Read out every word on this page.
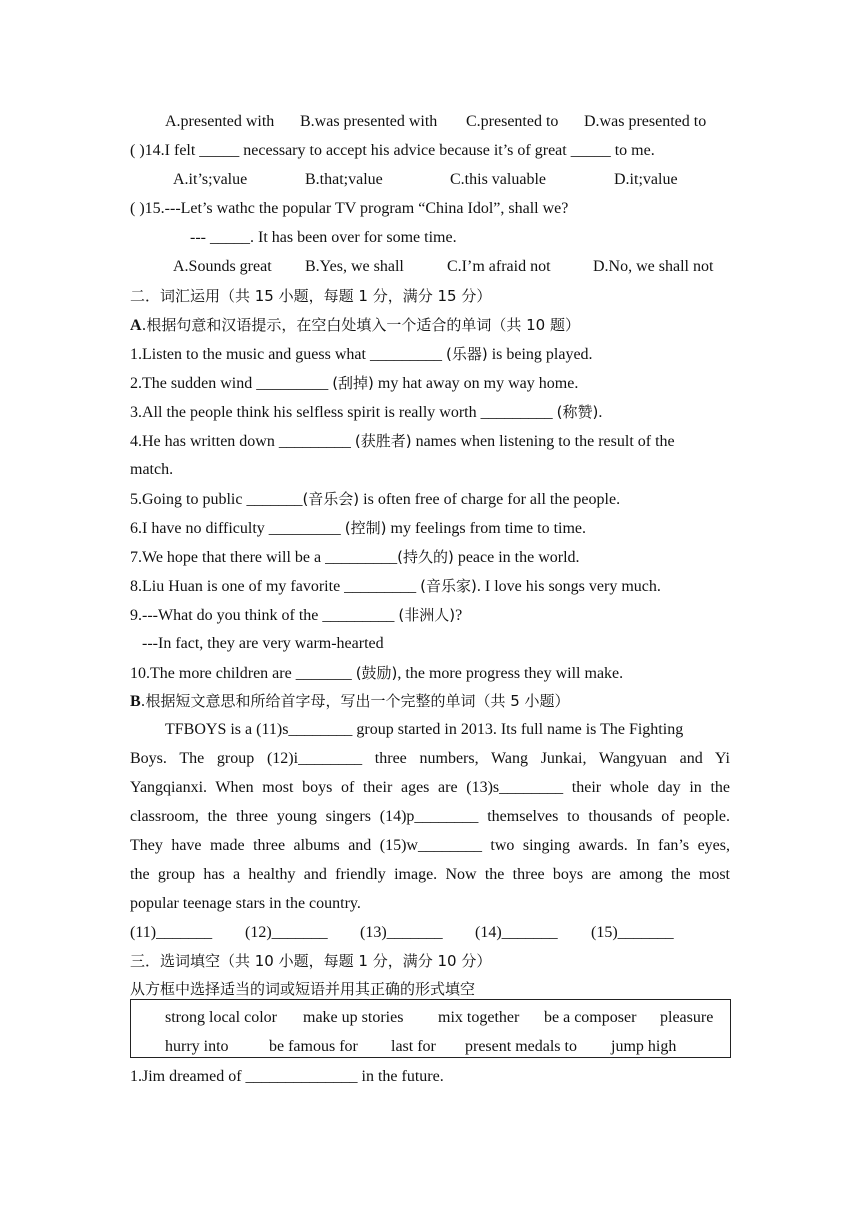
A.presented with B.was presented with C.presented to D.was presented to
( )14.I felt _____ necessary to accept his advice because it’s of great _____ to me.
A.it’s;value	B.that;value	C.this valuable	D.it;value
( )15.---Let’s wathc the popular TV program “China Idol”, shall we?
--- _____. It has been over for some time.
A.Sounds great B.Yes, we shall	C.I’m afraid not	D.No, we shall not
二．词汇运用（共 15 小题，每题 1 分，满分 15 分）
A.根据句意和汉语提示，在空白处填入一个适合的单词（共 10 题）
1.Listen to the music and guess what _________ (乐器) is being played.
2.The sudden wind _________ (刮掉) my hat away on my way home.
3.All the people think his selfless spirit is really worth _________ (称赞).
4.He has written down _________ (获胜者) names when listening to the result of the
match.
5.Going to public _______(音乐会) is often free of charge for all the people.
6.I have no difficulty _________ (控制) my feelings from time to time.
7.We hope that there will be a _________(持久的) peace in the world.
8.Liu Huan is one of my favorite _________ (音乐家). I love his songs very much.
9.---What do you think of the _________ (非洲人)?
---In fact, they are very warm-hearted
10.The more children are _______ (鼓励), the more progress they will make.
B.根据短文意思和所给首字母，写出一个完整的单词（共 5 小题）
TFBOYS is a (11)s________ group started in 2013. Its full name is The Fighting
Boys. The group (12)i________ three numbers, Wang Junkai, Wangyuan and Yi
Yangqianxi. When most boys of their ages are (13)s________ their whole day in the
classroom, the three young singers (14)p________ themselves to thousands of people.
They have made three albums and (15)w________ two singing awards. In fan’s eyes,
the group has a healthy and friendly image. Now the three boys are among the most
popular teenage stars in the country.
(11)_______ (12)_______ (13)_______ (14)_______ (15)_______
三．选词填空（共 10 小题，每题 1 分，满分 10 分）
从方框中选择适当的词或短语并用其正确的形式填空
strong local color make up stories mix together be a composer pleasure
hurry into	be famous for last for present medals to jump high
1.Jim dreamed of ______________ in the future.
